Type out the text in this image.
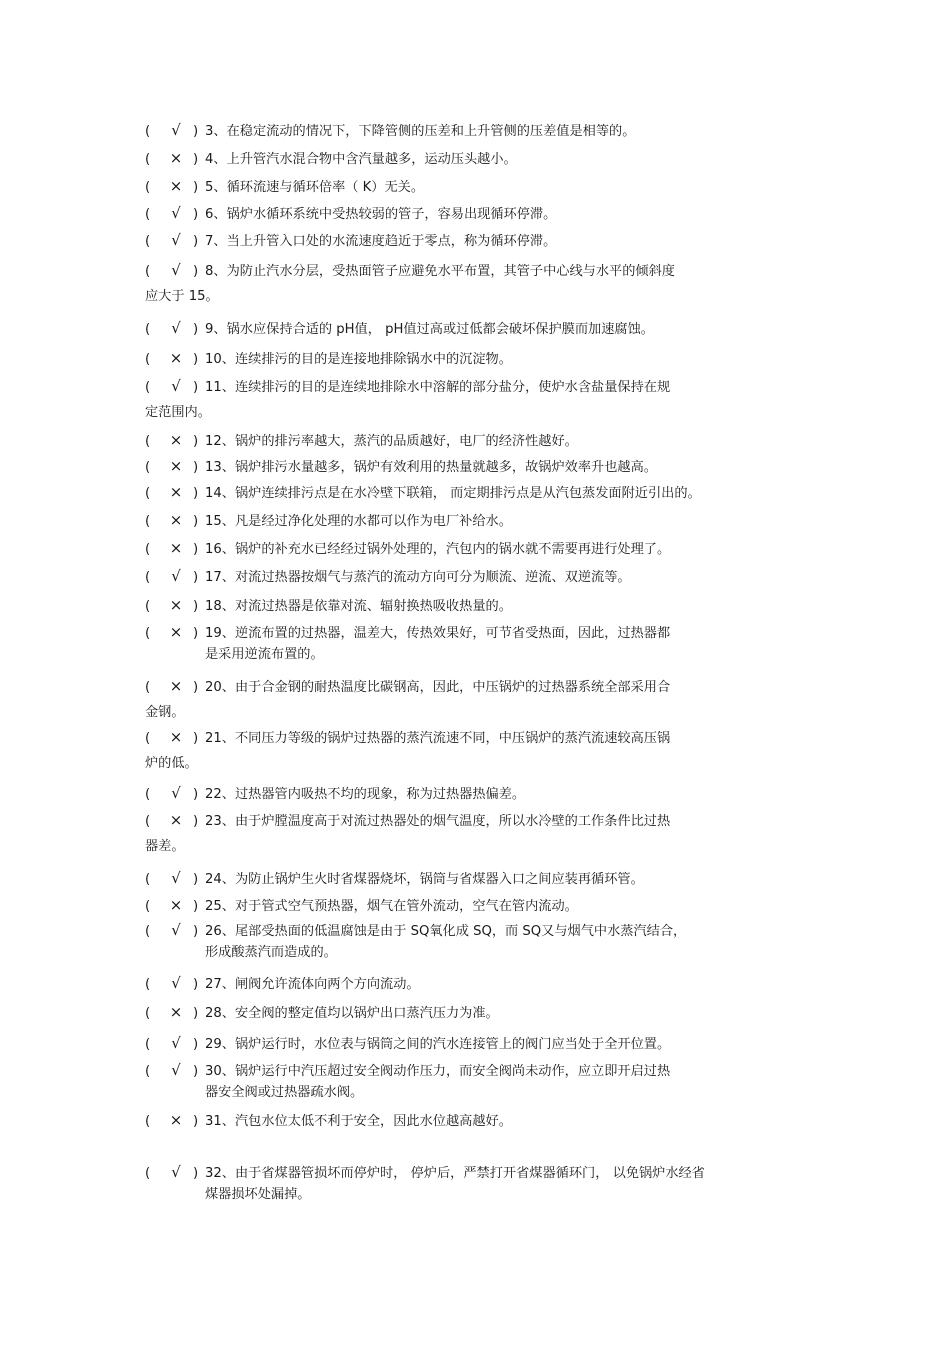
( √ ) 3、在稳定流动的情况下，下降管侧的压差和上升管侧的压差值是相等的。
( × ) 4、上升管汽水混合物中含汽量越多，运动压头越小。
( × ) 5、循环流速与循环倍率（ K）无关。
( √ ) 6、锅炉水循环系统中受热较弱的管子，容易出现循环停滞。
( √ ) 7、当上升管入口处的水流速度趋近于零点，称为循环停滞。
( √ ) 8、为防止汽水分层，受热面管子应避免水平布置，其管子中心线与水平的倾斜度
应大于 15。
( √ ) 9、锅水应保持合适的 pH值， pH值过高或过低都会破坏保护膜而加速腐蚀。
( × ) 10、连续排污的目的是连接地排除锅水中的沉淀物。
( √ ) 11、连续排污的目的是连续地排除水中溶解的部分盐分，使炉水含盐量保持在规
定范围内。
( × ) 12、锅炉的排污率越大，蒸汽的品质越好，电厂的经济性越好。
( × ) 13、锅炉排污水量越多，锅炉有效利用的热量就越多，故锅炉效率升也越高。
( × ) 14、锅炉连续排污点是在水冷壁下联箱， 而定期排污点是从汽包蒸发面附近引出的。
( × ) 15、凡是经过净化处理的水都可以作为电厂补给水。
( × ) 16、锅炉的补充水已经经过锅外处理的，汽包内的锅水就不需要再进行处理了。
( √ ) 17、对流过热器按烟气与蒸汽的流动方向可分为顺流、逆流、双逆流等。
( × ) 18、对流过热器是依靠对流、辐射换热吸收热量的。
( × ) 19、逆流布置的过热器，温差大，传热效果好，可节省受热面，因此，过热器都
是采用逆流布置的。
( × ) 20、由于合金钢的耐热温度比碳钢高，因此，中压锅炉的过热器系统全部采用合
金钢。
( × ) 21、不同压力等级的锅炉过热器的蒸汽流速不同，中压锅炉的蒸汽流速较高压锅
炉的低。
( √ ) 22、过热器管内吸热不均的现象，称为过热器热偏差。
( × ) 23、由于炉膛温度高于对流过热器处的烟气温度，所以水冷壁的工作条件比过热
器差。
( √ ) 24、为防止锅炉生火时省煤器烧坏，锅筒与省煤器入口之间应装再循环管。
( × ) 25、对于管式空气预热器，烟气在管外流动，空气在管内流动。
( √ ) 26、尾部受热面的低温腐蚀是由于 SQ氧化成 SQ，而 SQ又与烟气中水蒸汽结合，
形成酸蒸汽而造成的。
( √ ) 27、闸阀允许流体向两个方向流动。
( × ) 28、安全阀的整定值均以锅炉出口蒸汽压力为准。
( √ ) 29、锅炉运行时，水位表与锅筒之间的汽水连接管上的阀门应当处于全开位置。
( √ ) 30、锅炉运行中汽压超过安全阀动作压力，而安全阀尚未动作，应立即开启过热
器安全阀或过热器疏水阀。
( × ) 31、汽包水位太低不利于安全，因此水位越高越好。
( √ ) 32、由于省煤器管损坏而停炉时， 停炉后，严禁打开省煤器循环门， 以免锅炉水经省
煤器损坏处漏掉。
